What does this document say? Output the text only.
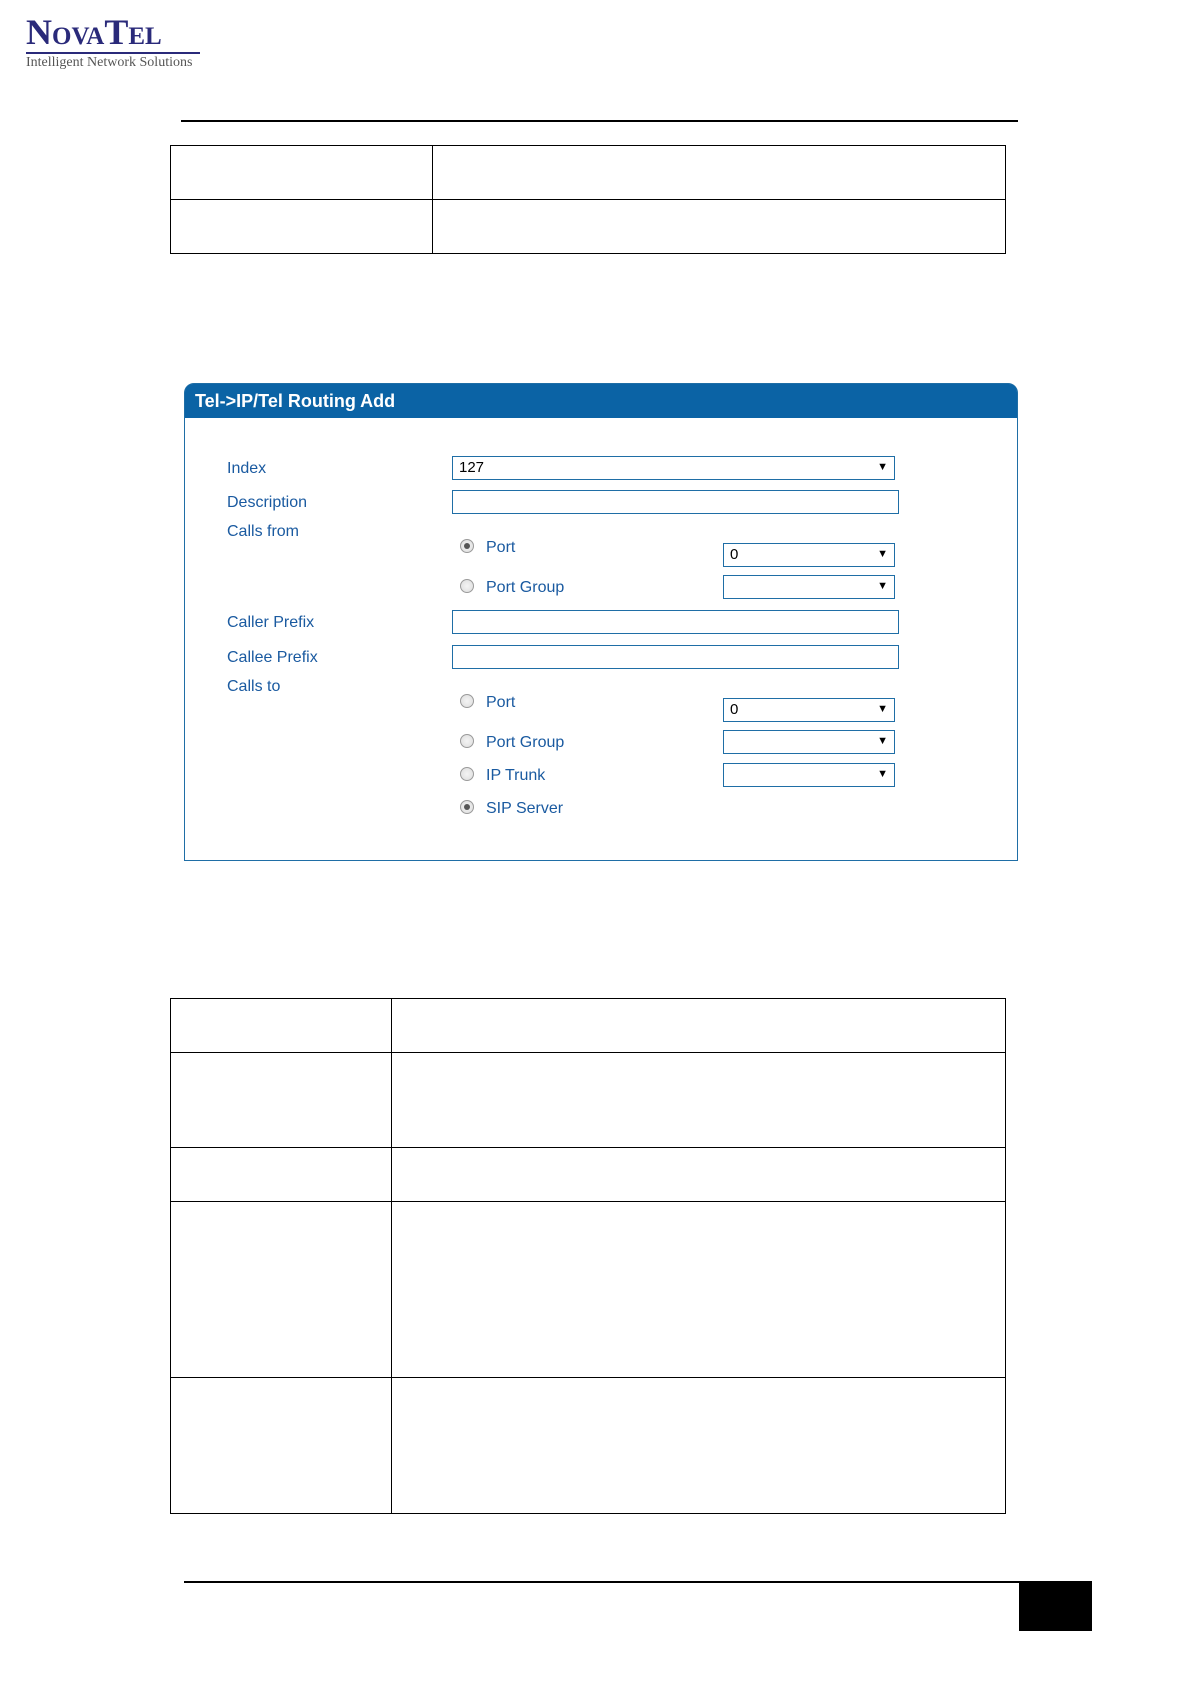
NovaTel
Intelligent Network Solutions

Tel->IP/Tel Routing Add
Index	127	▼
Description
Calls from
Port	0	▼
Port Group	▼
Caller Prefix
Callee Prefix
Calls to
Port	0	▼
Port Group	▼
IP Trunk	▼
SIP Server
